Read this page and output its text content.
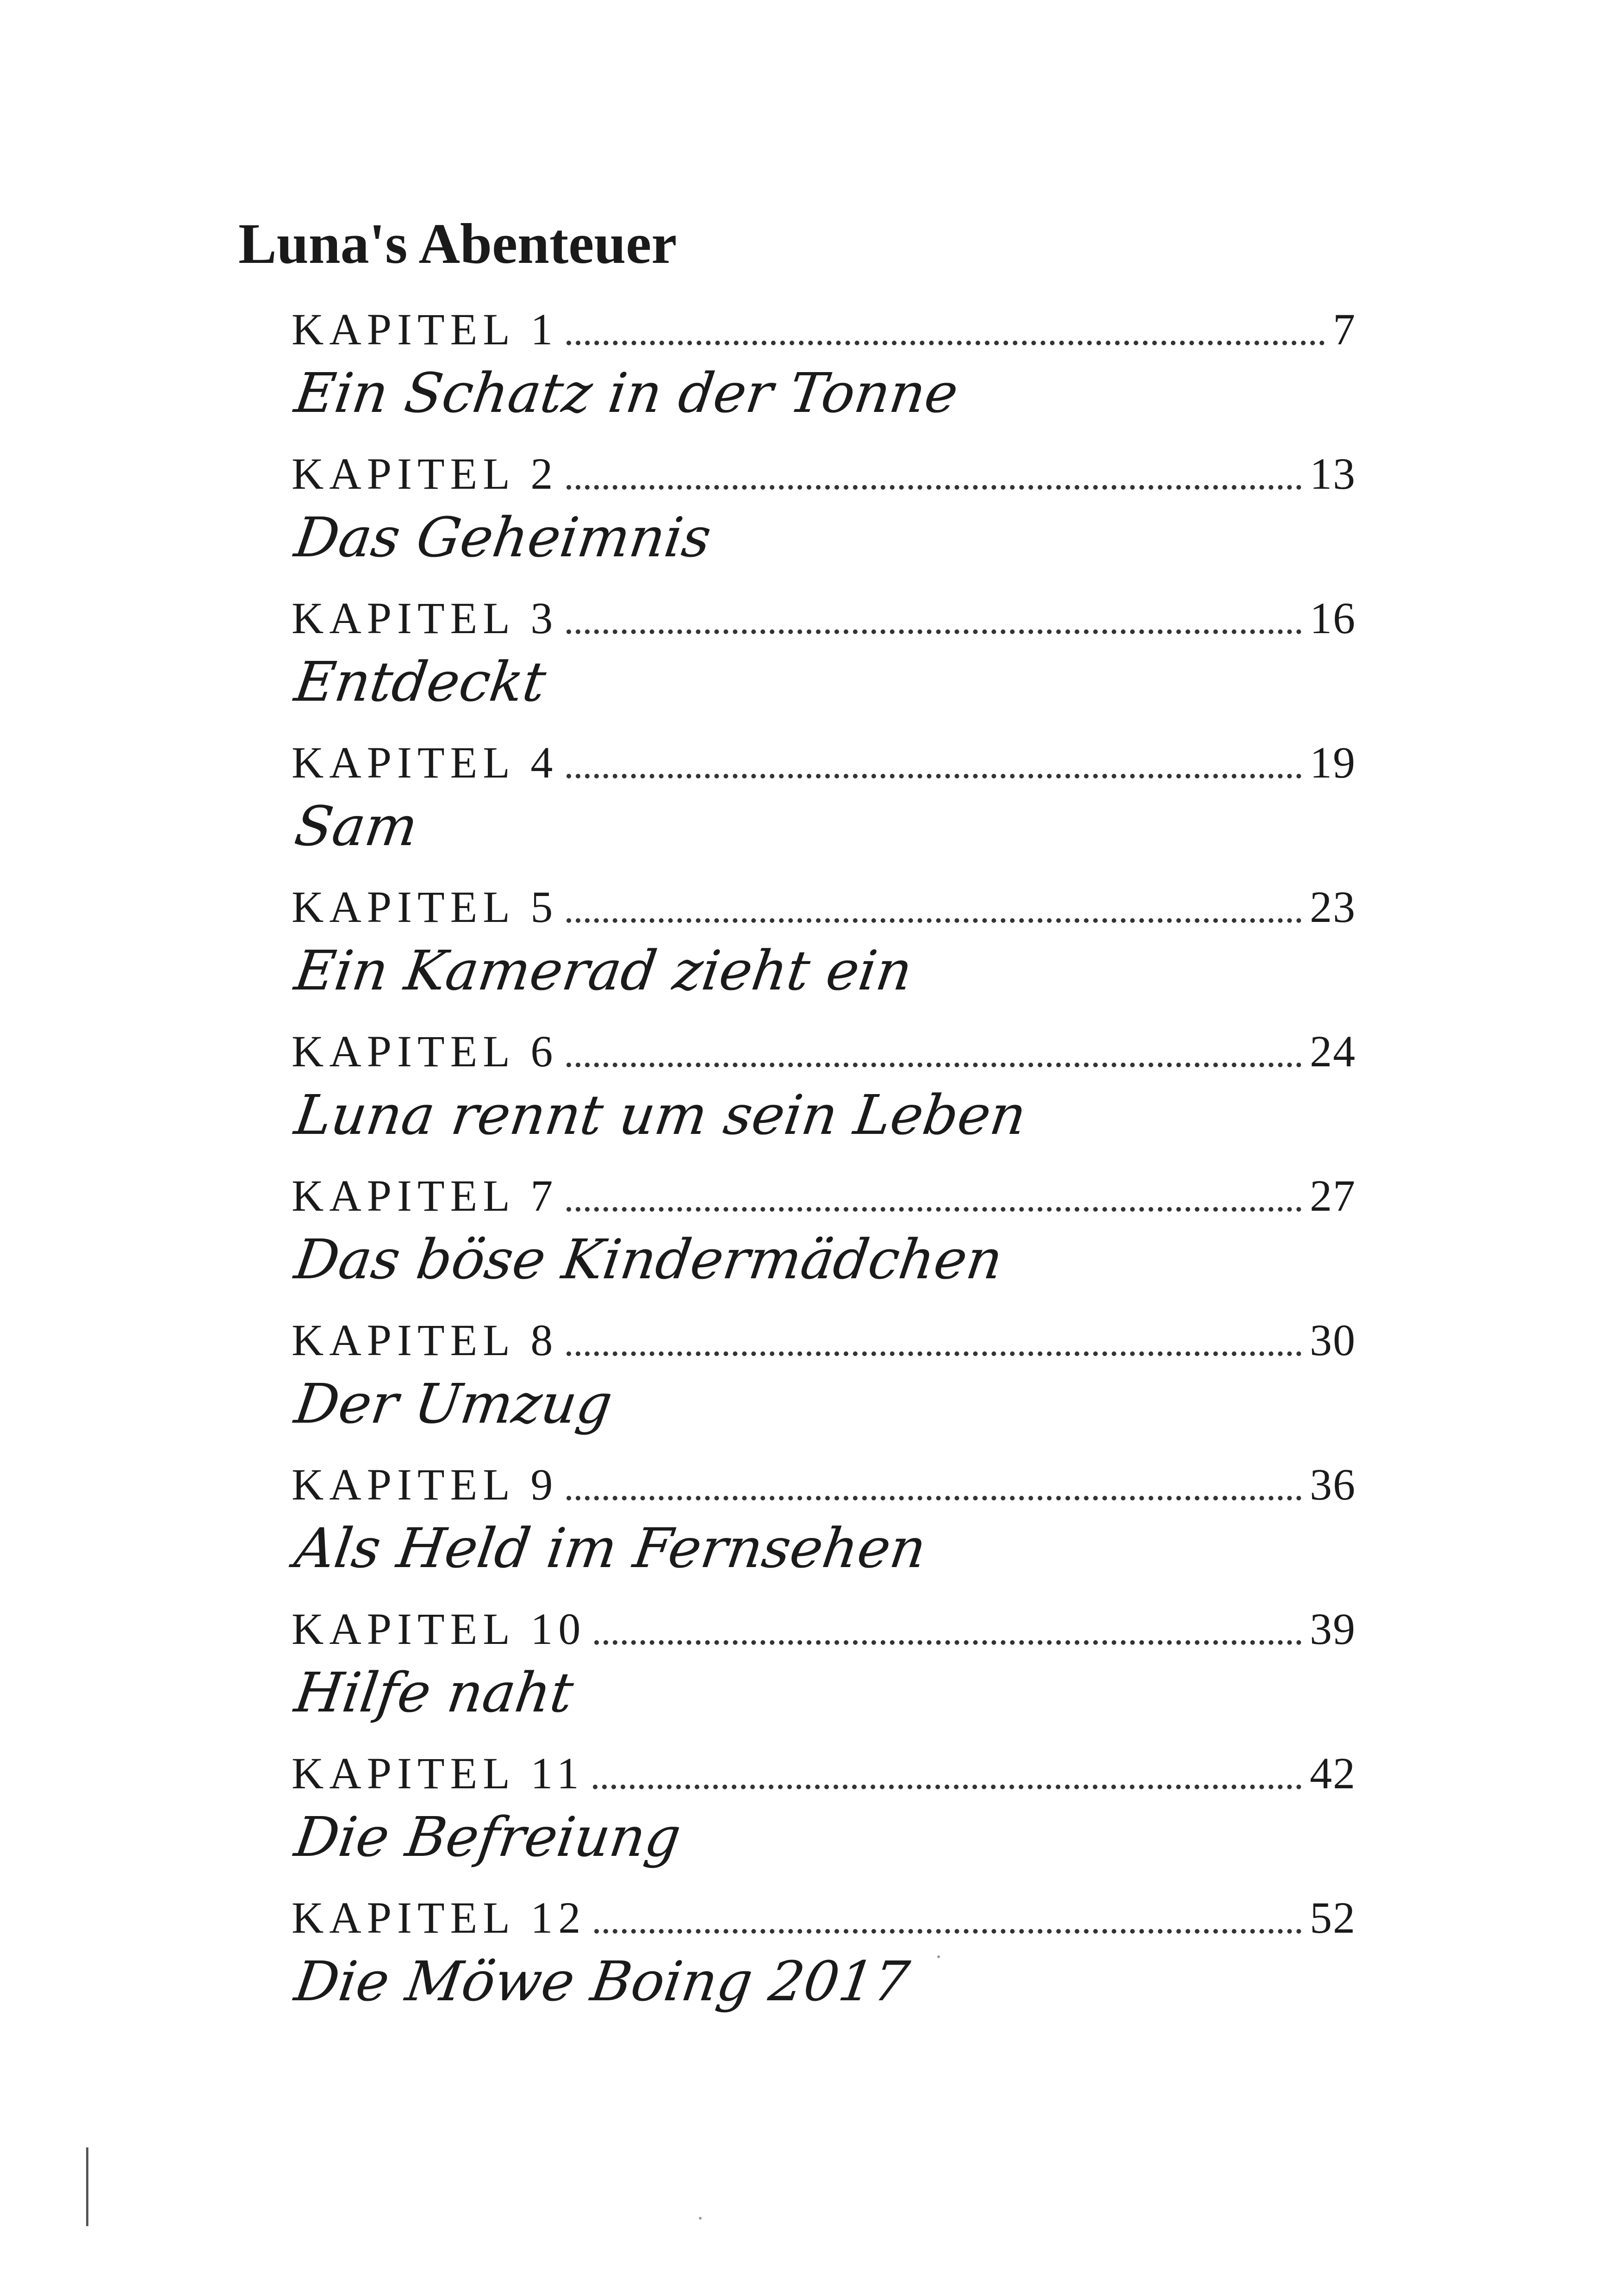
Luna's Abenteuer
KAPITEL 1	7
Ein Schatz in der Tonne
KAPITEL 2	13
Das Geheimnis
KAPITEL 3	16
Entdeckt
KAPITEL 4	19
Sam
KAPITEL 5	23
Ein Kamerad zieht ein
KAPITEL 6	24
Luna rennt um sein Leben
KAPITEL 7	27
Das böse Kindermädchen
KAPITEL 8	30
Der Umzug
KAPITEL 9	36
Als Held im Fernsehen
KAPITEL 10	39
Hilfe naht
KAPITEL 11	42
Die Befreiung
KAPITEL 12	52
Die Möwe Boing 2017
